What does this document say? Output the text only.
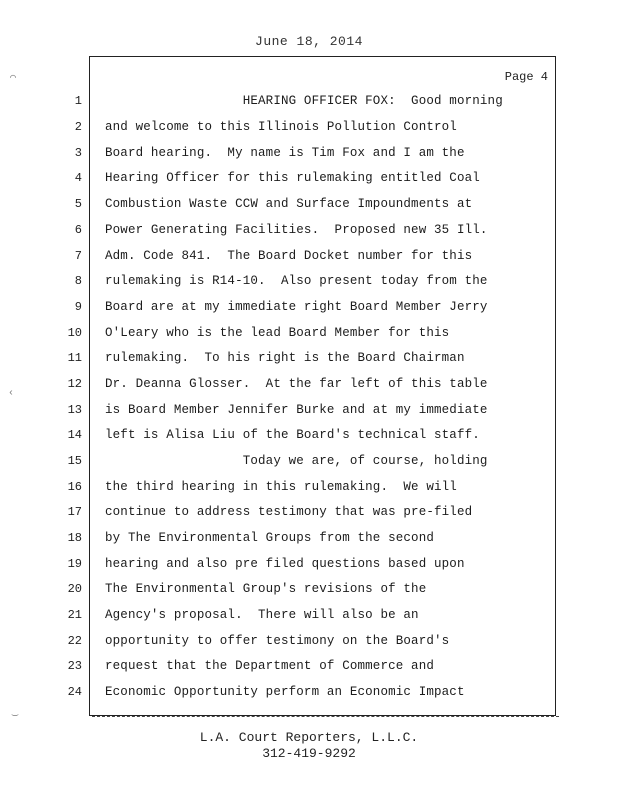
June 18, 2014
Page 4
1 HEARING OFFICER FOX:  Good morning
2 and welcome to this Illinois Pollution Control
3 Board hearing.  My name is Tim Fox and I am the
4 Hearing Officer for this rulemaking entitled Coal
5 Combustion Waste CCW and Surface Impoundments at
6 Power Generating Facilities.  Proposed new 35 Ill.
7 Adm. Code 841.  The Board Docket number for this
8 rulemaking is R14-10.  Also present today from the
9 Board are at my immediate right Board Member Jerry
10 O'Leary who is the lead Board Member for this
11 rulemaking.  To his right is the Board Chairman
12 Dr. Deanna Glosser.  At the far left of this table
13 is Board Member Jennifer Burke and at my immediate
14 left is Alisa Liu of the Board's technical staff.
15 Today we are, of course, holding
16 the third hearing in this rulemaking.  We will
17 continue to address testimony that was pre-filed
18 by The Environmental Groups from the second
19 hearing and also pre filed questions based upon
20 The Environmental Group's revisions of the
21 Agency's proposal.  There will also be an
22 opportunity to offer testimony on the Board's
23 request that the Department of Commerce and
24 Economic Opportunity perform an Economic Impact
⌒
‹
‿
L.A. Court Reporters, L.L.C.
312-419-9292
